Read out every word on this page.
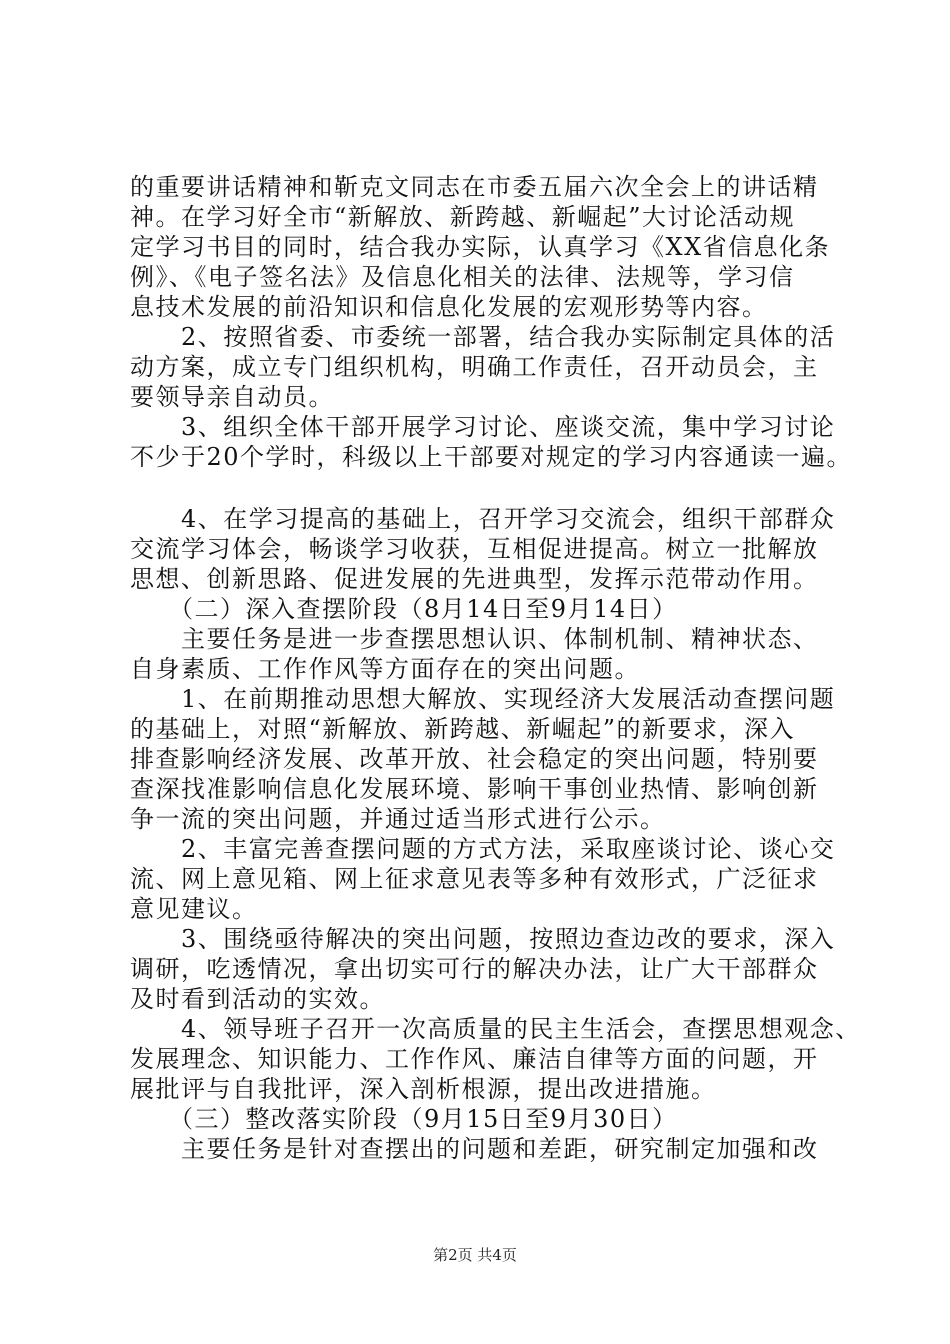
的重要讲话精神和靳克文同志在市委五届六次全会上的讲话精
神。在学习好全市“新解放、新跨越、新崛起”大讨论活动规
定学习书目的同时，结合我办实际，认真学习《XX省信息化条
例》、《电子签名法》及信息化相关的法律、法规等，学习信
息技术发展的前沿知识和信息化发展的宏观形势等内容。
　　2、按照省委、市委统一部署，结合我办实际制定具体的活
动方案，成立专门组织机构，明确工作责任，召开动员会，主
要领导亲自动员。
　　3、组织全体干部开展学习讨论、座谈交流，集中学习讨论
不少于20个学时，科级以上干部要对规定的学习内容通读一遍。
　　4、在学习提高的基础上，召开学习交流会，组织干部群众
交流学习体会，畅谈学习收获，互相促进提高。树立一批解放
思想、创新思路、促进发展的先进典型，发挥示范带动作用。
　　（二）深入查摆阶段（8月14日至9月14日）
　　主要任务是进一步查摆思想认识、体制机制、精神状态、
自身素质、工作作风等方面存在的突出问题。
　　1、在前期推动思想大解放、实现经济大发展活动查摆问题
的基础上，对照“新解放、新跨越、新崛起”的新要求，深入
排查影响经济发展、改革开放、社会稳定的突出问题，特别要
查深找准影响信息化发展环境、影响干事创业热情、影响创新
争一流的突出问题，并通过适当形式进行公示。
　　2、丰富完善查摆问题的方式方法，采取座谈讨论、谈心交
流、网上意见箱、网上征求意见表等多种有效形式，广泛征求
意见建议。
　　3、围绕亟待解决的突出问题，按照边查边改的要求，深入
调研，吃透情况，拿出切实可行的解决办法，让广大干部群众
及时看到活动的实效。
　　4、领导班子召开一次高质量的民主生活会，查摆思想观念、
发展理念、知识能力、工作作风、廉洁自律等方面的问题，开
展批评与自我批评，深入剖析根源，提出改进措施。
　　（三）整改落实阶段（9月15日至9月30日）
　　主要任务是针对查摆出的问题和差距，研究制定加强和改
第2页 共4页
